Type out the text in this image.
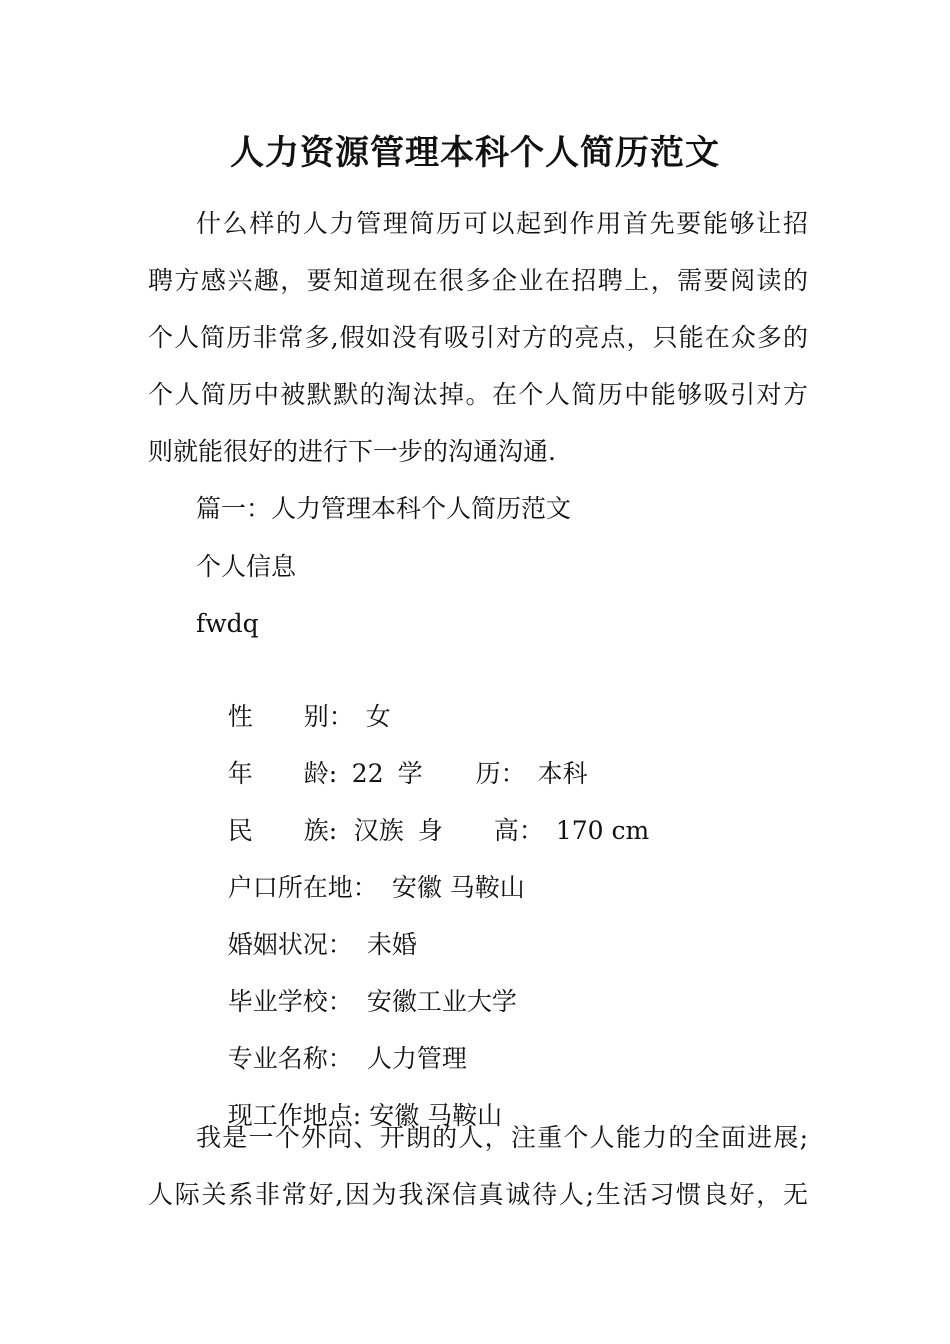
人力资源管理本科个人简历范文
什么样的人力管理简历可以起到作用首先要能够让招
聘方感兴趣，要知道现在很多企业在招聘上，需要阅读的
个人简历非常多,假如没有吸引对方的亮点，只能在众多的
个人简历中被默默的淘汰掉。在个人简历中能够吸引对方
则就能很好的进行下一步的沟通沟通.
篇一：人力管理本科个人简历范文
个人信息
fwdq

性 别： 女

年 龄: 22 学 历： 本科

民 族: 汉族 身 高： 170 cm

户口所在地： 安徽 马鞍山

婚姻状况： 未婚

毕业学校： 安徽工业大学

专业名称： 人力管理

现工作地点: 安徽 马鞍山

我是一个外向、开朗的人，注重个人能力的全面进展;
人际关系非常好,因为我深信真诚待人;生活习惯良好，无
